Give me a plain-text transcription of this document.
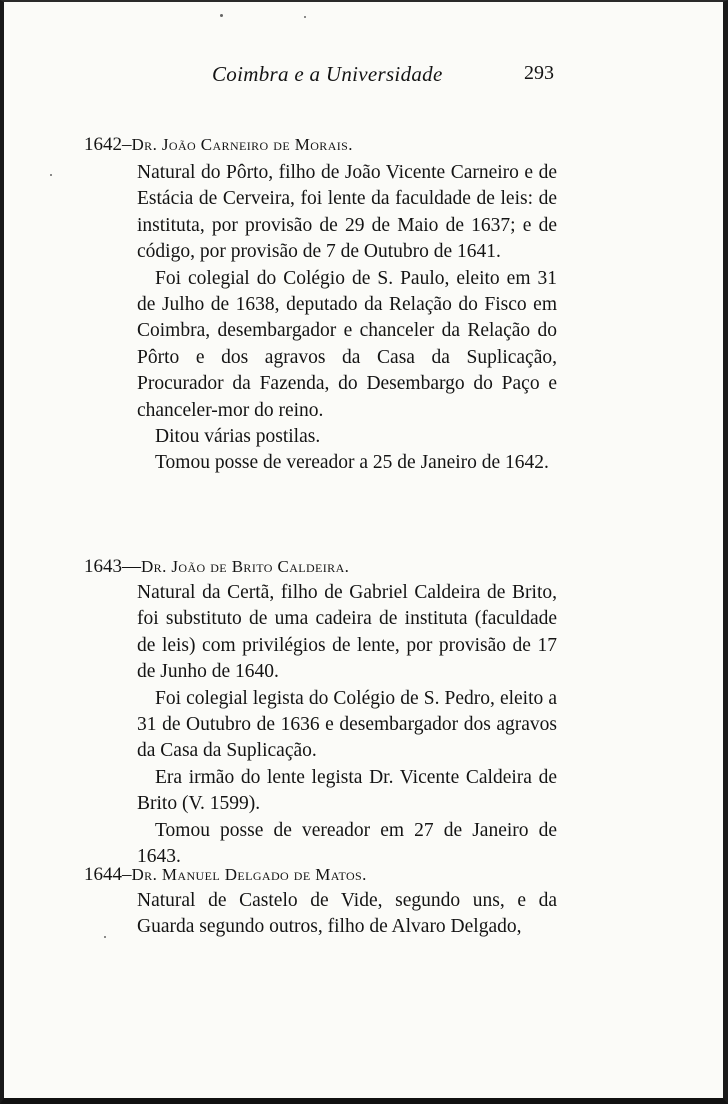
Coimbra e a Universidade	293
1642–Dr. João Carneiro de Morais.

Natural do Pôrto, filho de João Vicente Carneiro e de Estácia de Cerveira, foi lente da faculdade de leis: de instituta, por provisão de 29 de Maio de 1637; e de código, por provisão de 7 de Outubro de 1641.

Foi colegial do Colégio de S. Paulo, eleito em 31 de Julho de 1638, deputado da Relação do Fisco em Coimbra, desembargador e chanceler da Relação do Pôrto e dos agravos da Casa da Suplicação, Procurador da Fazenda, do Desembargo do Paço e chanceler-mor do reino.

Ditou várias postilas.

Tomou posse de vereador a 25 de Janeiro de 1642.

1643—Dr. João de Brito Caldeira.

Natural da Certã, filho de Gabriel Caldeira de Brito, foi substituto de uma cadeira de instituta (faculdade de leis) com privilégios de lente, por provisão de 17 de Junho de 1640.

Foi colegial legista do Colégio de S. Pedro, eleito a 31 de Outubro de 1636 e desembargador dos agravos da Casa da Suplicação.

Era irmão do lente legista Dr. Vicente Caldeira de Brito (V. 1599).

Tomou posse de vereador em 27 de Janeiro de 1643.

1644–Dr. Manuel Delgado de Matos.

Natural de Castelo de Vide, segundo uns, e da Guarda segundo outros, filho de Alvaro Delgado,
